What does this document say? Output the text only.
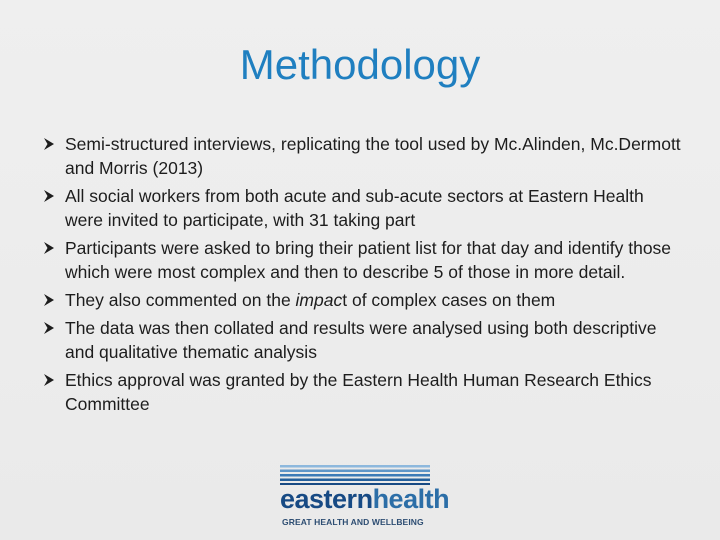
Methodology
Semi-structured interviews, replicating the tool used by Mc.Alinden, Mc.Dermott and Morris (2013)
All social workers from both acute and sub-acute sectors at Eastern Health were invited to participate, with 31 taking part
Participants were asked to bring their patient list for that day and identify those which were most complex and then to describe 5 of those in more detail.
They also commented on the impact of complex cases on them
The data was then collated and results were analysed using both descriptive and qualitative thematic analysis
Ethics approval was granted by the Eastern Health Human Research Ethics Committee
easternhealth
GREAT HEALTH AND WELLBEING
